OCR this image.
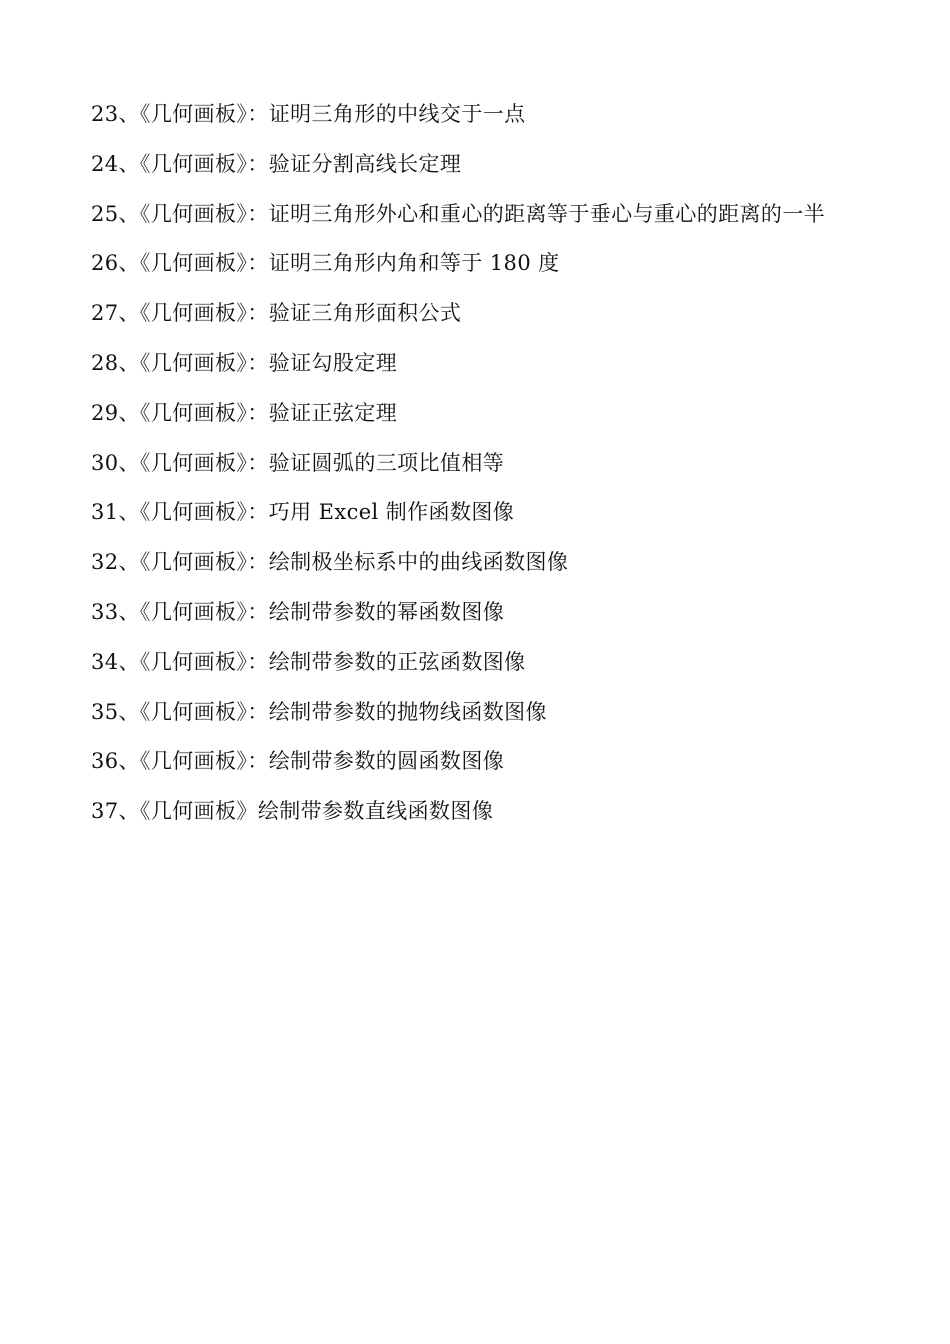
23、《几何画板》：证明三角形的中线交于一点
24、《几何画板》：验证分割高线长定理
25、《几何画板》：证明三角形外心和重心的距离等于垂心与重心的距离的一半
26、《几何画板》：证明三角形内角和等于 180 度
27、《几何画板》：验证三角形面积公式
28、《几何画板》：验证勾股定理
29、《几何画板》：验证正弦定理
30、《几何画板》：验证圆弧的三项比值相等
31、《几何画板》：巧用 Excel 制作函数图像
32、《几何画板》：绘制极坐标系中的曲线函数图像
33、《几何画板》：绘制带参数的幂函数图像
34、《几何画板》：绘制带参数的正弦函数图像
35、《几何画板》：绘制带参数的抛物线函数图像
36、《几何画板》：绘制带参数的圆函数图像
37、《几何画板》绘制带参数直线函数图像
